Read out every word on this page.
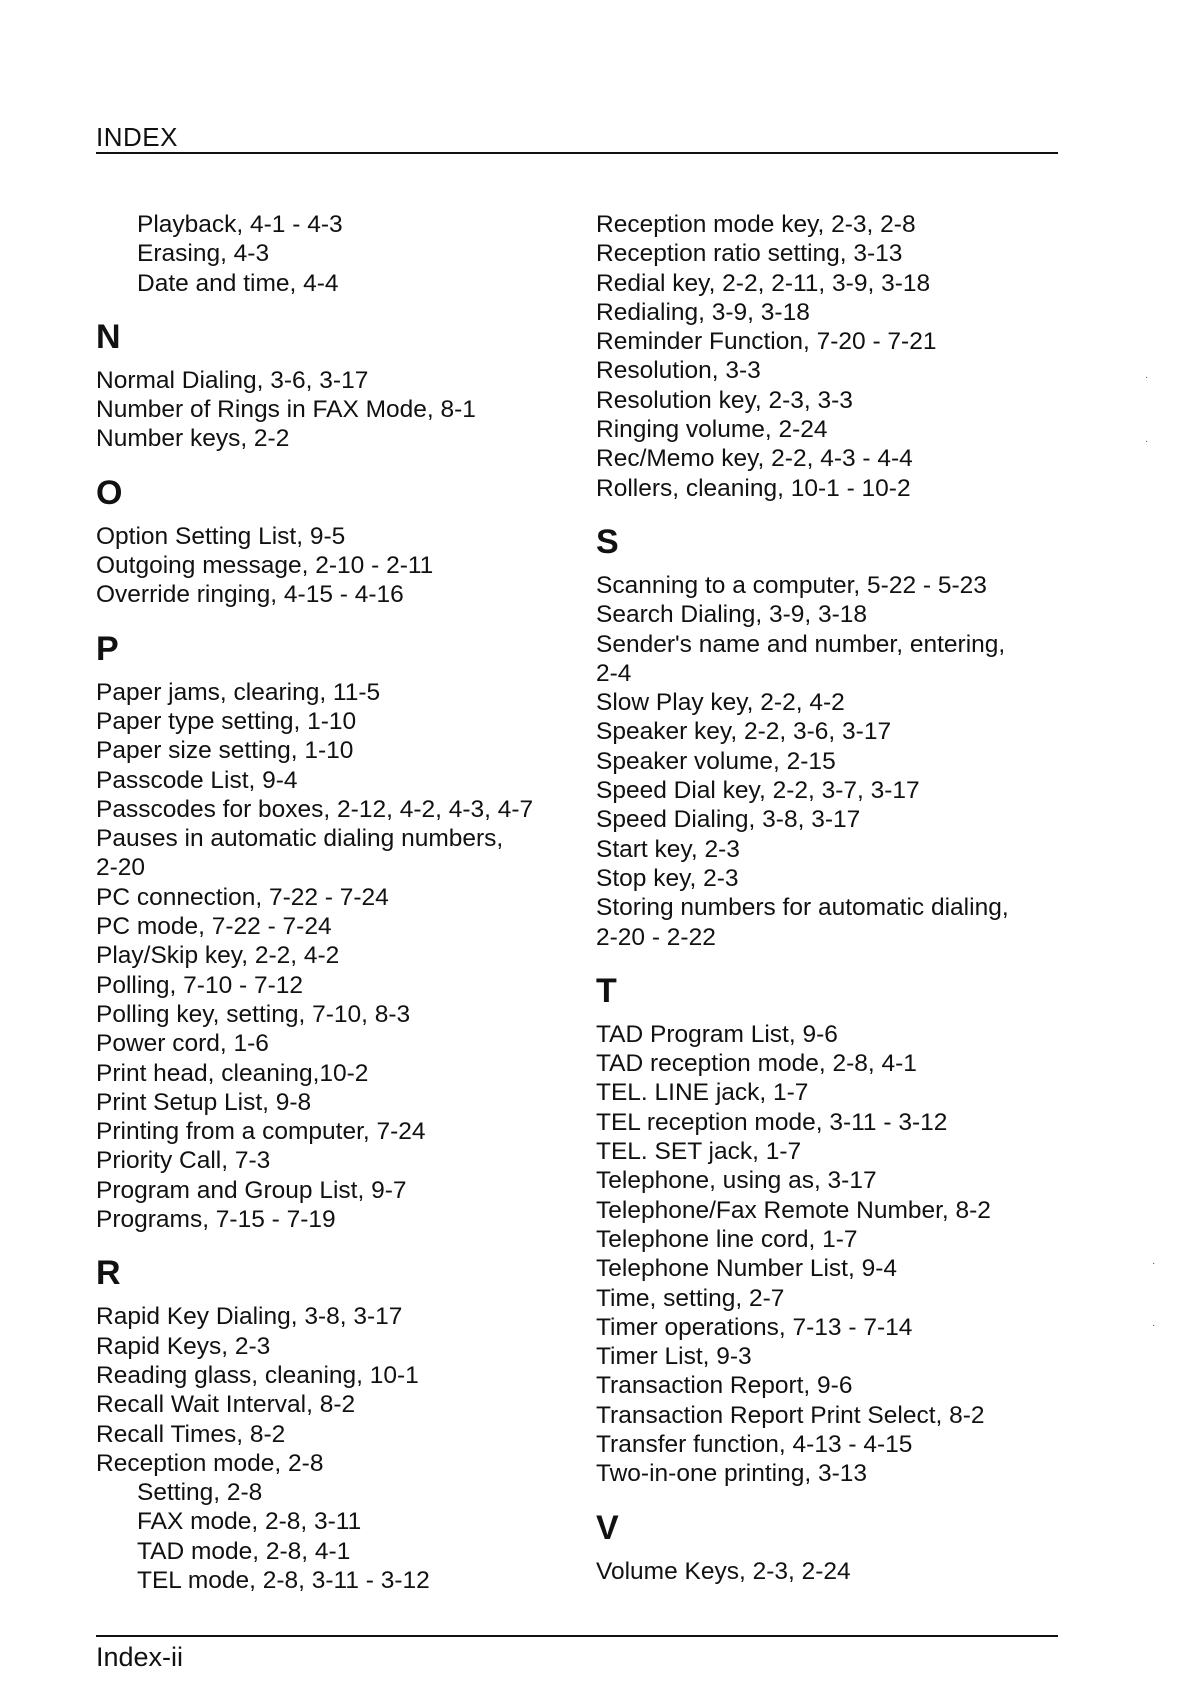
INDEX
Playback, 4-1 - 4-3
Erasing, 4-3
Date and time, 4-4
N
Normal Dialing, 3-6, 3-17
Number of Rings in FAX Mode, 8-1
Number keys, 2-2
O
Option Setting List, 9-5
Outgoing message, 2-10 - 2-11
Override ringing, 4-15 - 4-16
P
Paper jams, clearing, 11-5
Paper type setting, 1-10
Paper size setting, 1-10
Passcode List, 9-4
Passcodes for boxes, 2-12, 4-2, 4-3, 4-7
Pauses in automatic dialing numbers,
2-20
PC connection, 7-22 - 7-24
PC mode, 7-22 - 7-24
Play/Skip key, 2-2, 4-2
Polling, 7-10 - 7-12
Polling key, setting, 7-10, 8-3
Power cord, 1-6
Print head, cleaning,10-2
Print Setup List, 9-8
Printing from a computer, 7-24
Priority Call, 7-3
Program and Group List, 9-7
Programs, 7-15 - 7-19
R
Rapid Key Dialing, 3-8, 3-17
Rapid Keys, 2-3
Reading glass, cleaning, 10-1
Recall Wait Interval, 8-2
Recall Times, 8-2
Reception mode, 2-8
Setting, 2-8
FAX mode, 2-8, 3-11
TAD mode, 2-8, 4-1
TEL mode, 2-8, 3-11 - 3-12
Reception mode key, 2-3, 2-8
Reception ratio setting, 3-13
Redial key, 2-2, 2-11, 3-9, 3-18
Redialing, 3-9, 3-18
Reminder Function, 7-20 - 7-21
Resolution, 3-3
Resolution key, 2-3, 3-3
Ringing volume, 2-24
Rec/Memo key, 2-2, 4-3 - 4-4
Rollers, cleaning, 10-1 - 10-2
S
Scanning to a computer, 5-22 - 5-23
Search Dialing, 3-9, 3-18
Sender's name and number, entering,
2-4
Slow Play key, 2-2, 4-2
Speaker key, 2-2, 3-6, 3-17
Speaker volume, 2-15
Speed Dial key, 2-2, 3-7, 3-17
Speed Dialing, 3-8, 3-17
Start key, 2-3
Stop key, 2-3
Storing numbers for automatic dialing,
2-20 - 2-22
T
TAD Program List, 9-6
TAD reception mode, 2-8, 4-1
TEL. LINE jack, 1-7
TEL reception mode, 3-11 - 3-12
TEL. SET jack, 1-7
Telephone, using as, 3-17
Telephone/Fax Remote Number, 8-2
Telephone line cord, 1-7
Telephone Number List, 9-4
Time, setting, 2-7
Timer operations, 7-13 - 7-14
Timer List, 9-3
Transaction Report, 9-6
Transaction Report Print Select, 8-2
Transfer function, 4-13 - 4-15
Two-in-one printing, 3-13
V
Volume Keys, 2-3, 2-24
Index-ii
·
·
·
·
